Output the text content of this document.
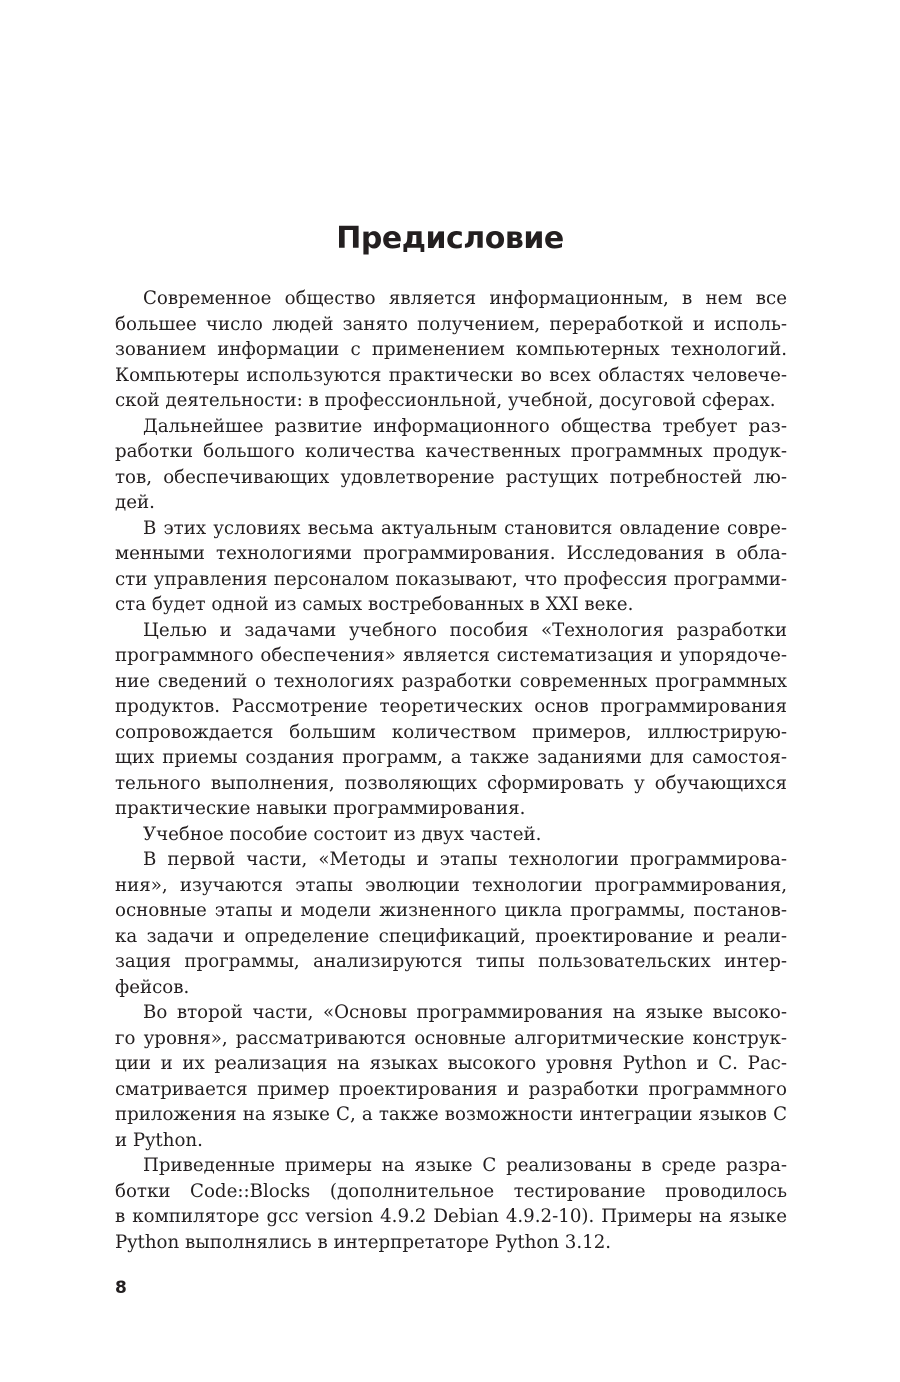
Предисловие
Современное общество является информационным, в нем все
большее число людей занято получением, переработкой и исполь-
зованием информации с применением компьютерных технологий.
Компьютеры используются практически во всех областях человече-
ской деятельности: в профессионльной, учебной, досуговой сферах.
Дальнейшее развитие информационного общества требует раз-
работки большого количества качественных программных продук-
тов, обеспечивающих удовлетворение растущих потребностей лю-
дей.
В этих условиях весьма актуальным становится овладение совре-
менными технологиями программирования. Исследования в обла-
сти управления персоналом показывают, что профессия программи-
ста будет одной из самых востребованных в XXI веке.
Целью и задачами учебного пособия «Технология разработки
программного обеспечения» является систематизация и упорядоче-
ние сведений о технологиях разработки современных программных
продуктов. Рассмотрение теоретических основ программирования
сопровождается большим количеством примеров, иллюстрирую-
щих приемы создания программ, а также заданиями для самостоя-
тельного выполнения, позволяющих сформировать у обучающихся
практические навыки программирования.
Учебное пособие состоит из двух частей.
В первой части, «Методы и этапы технологии программирова-
ния», изучаются этапы эволюции технологии программирования,
основные этапы и модели жизненного цикла программы, постанов-
ка задачи и определение спецификаций, проектирование и реали-
зация программы, анализируются типы пользовательских интер-
фейсов.
Во второй части, «Основы программирования на языке высоко-
го уровня», рассматриваются основные алгоритмические конструк-
ции и их реализация на языках высокого уровня Python и С. Рас-
сматривается пример проектирования и разработки программного
приложения на языке С, а также возможности интеграции языков С
и Python.
Приведенные примеры на языке С реализованы в среде разра-
ботки Code::Blocks (дополнительное тестирование проводилось
в компиляторе gcc version 4.9.2 Debian 4.9.2-10). Примеры на языке
Python выполнялись в интерпретаторе Python 3.12.
8
